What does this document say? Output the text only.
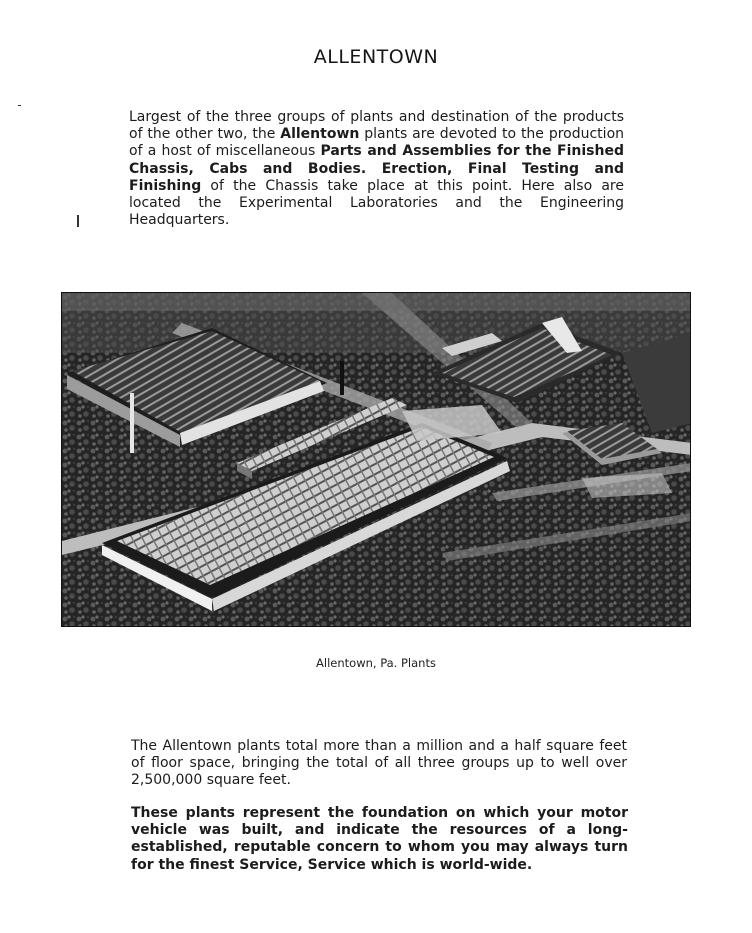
ALLENTOWN

Largest of the three groups of plants and destination of the products of the other two, the Allentown plants are devoted to the production of a host of miscellaneous Parts and Assemblies for the Finished Chassis, Cabs and Bodies. Erection, Final Testing and Finishing of the Chassis take place at this point. Here also are located the Experimental Laboratories and the Engineering Headquarters.

Allentown, Pa. Plants

The Allentown plants total more than a million and a half square feet of floor space, bringing the total of all three groups up to well over 2,500,000 square feet.

These plants represent the foundation on which your motor vehicle was built, and indicate the resources of a long-established, reputable concern to whom you may always turn for the finest Service, Service which is world-wide.
